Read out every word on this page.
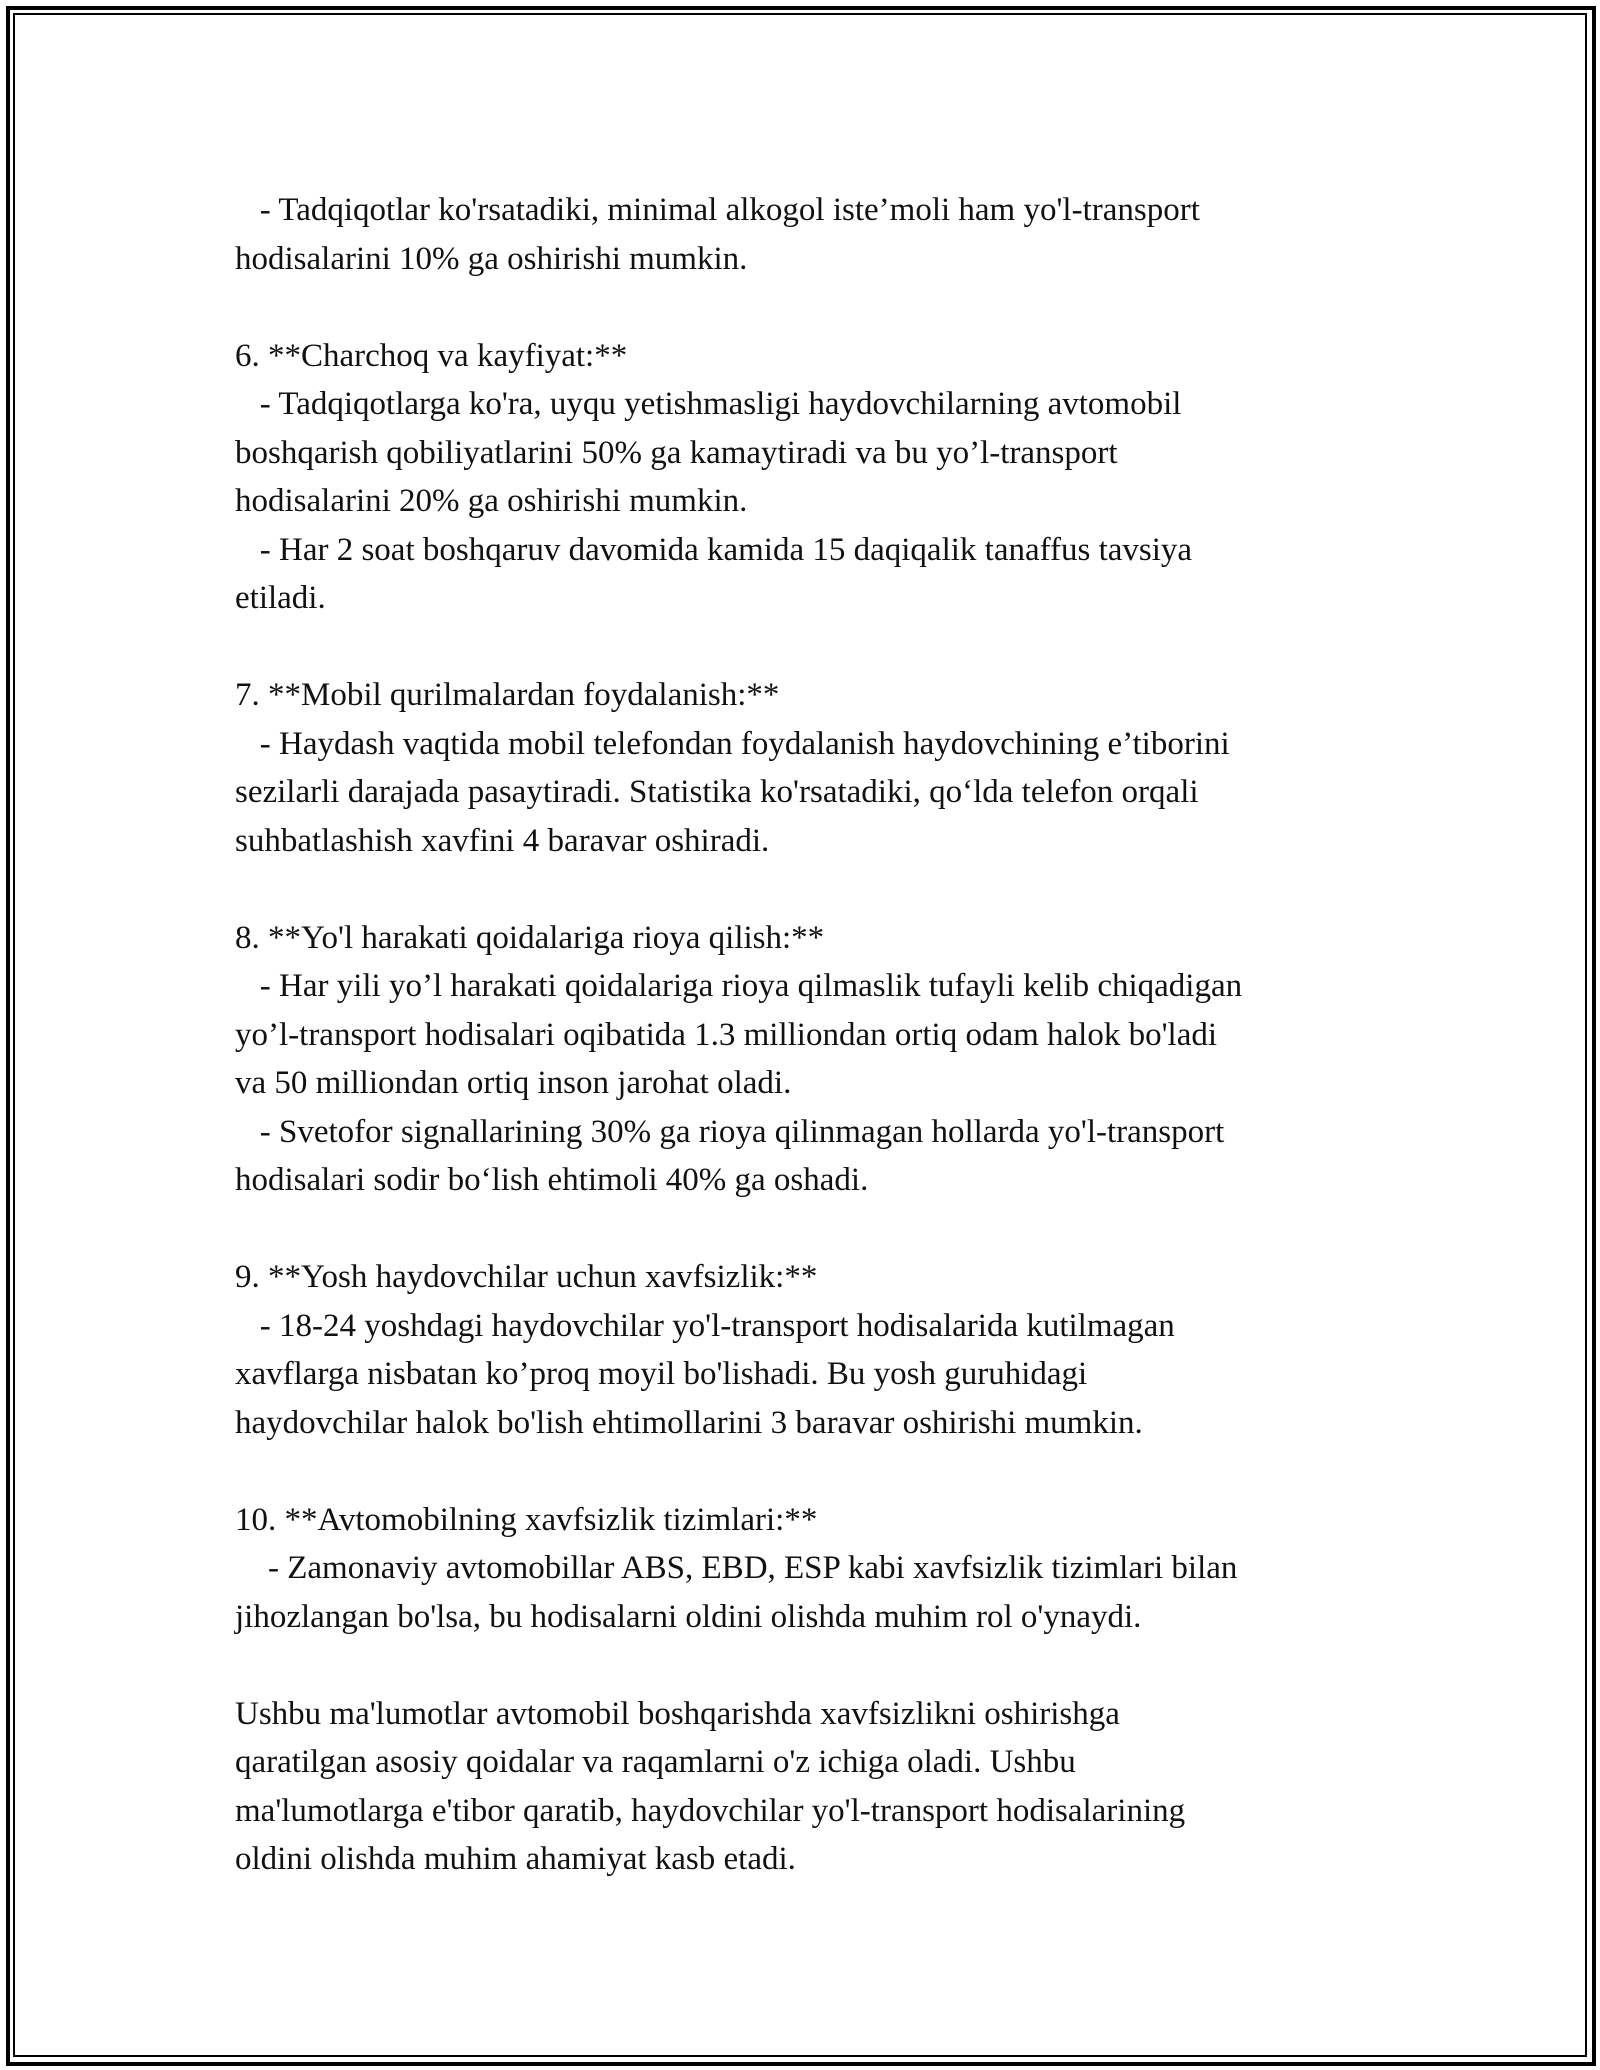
- Tadqiqotlar ko'rsatadiki, minimal alkogol iste’moli ham yo'l-transport
hodisalarini 10% ga oshirishi mumkin.
6. **Charchoq va kayfiyat:**
- Tadqiqotlarga ko'ra, uyqu yetishmasligi haydovchilarning avtomobil
boshqarish qobiliyatlarini 50% ga kamaytiradi va bu yo’l-transport
hodisalarini 20% ga oshirishi mumkin.
- Har 2 soat boshqaruv davomida kamida 15 daqiqalik tanaffus tavsiya
etiladi.
7. **Mobil qurilmalardan foydalanish:**
- Haydash vaqtida mobil telefondan foydalanish haydovchining e’tiborini
sezilarli darajada pasaytiradi. Statistika ko'rsatadiki, qo‘lda telefon orqali
suhbatlashish xavfini 4 baravar oshiradi.
8. **Yo'l harakati qoidalariga rioya qilish:**
- Har yili yo’l harakati qoidalariga rioya qilmaslik tufayli kelib chiqadigan
yo’l-transport hodisalari oqibatida 1.3 milliondan ortiq odam halok bo'ladi
va 50 milliondan ortiq inson jarohat oladi.
- Svetofor signallarining 30% ga rioya qilinmagan hollarda yo'l-transport
hodisalari sodir bo‘lish ehtimoli 40% ga oshadi.
9. **Yosh haydovchilar uchun xavfsizlik:**
- 18-24 yoshdagi haydovchilar yo'l-transport hodisalarida kutilmagan
xavflarga nisbatan ko’proq moyil bo'lishadi. Bu yosh guruhidagi
haydovchilar halok bo'lish ehtimollarini 3 baravar oshirishi mumkin.
10. **Avtomobilning xavfsizlik tizimlari:**
- Zamonaviy avtomobillar ABS, EBD, ESP kabi xavfsizlik tizimlari bilan
jihozlangan bo'lsa, bu hodisalarni oldini olishda muhim rol o'ynaydi.
Ushbu ma'lumotlar avtomobil boshqarishda xavfsizlikni oshirishga
qaratilgan asosiy qoidalar va raqamlarni o'z ichiga oladi. Ushbu
ma'lumotlarga e'tibor qaratib, haydovchilar yo'l-transport hodisalarining
oldini olishda muhim ahamiyat kasb etadi.
